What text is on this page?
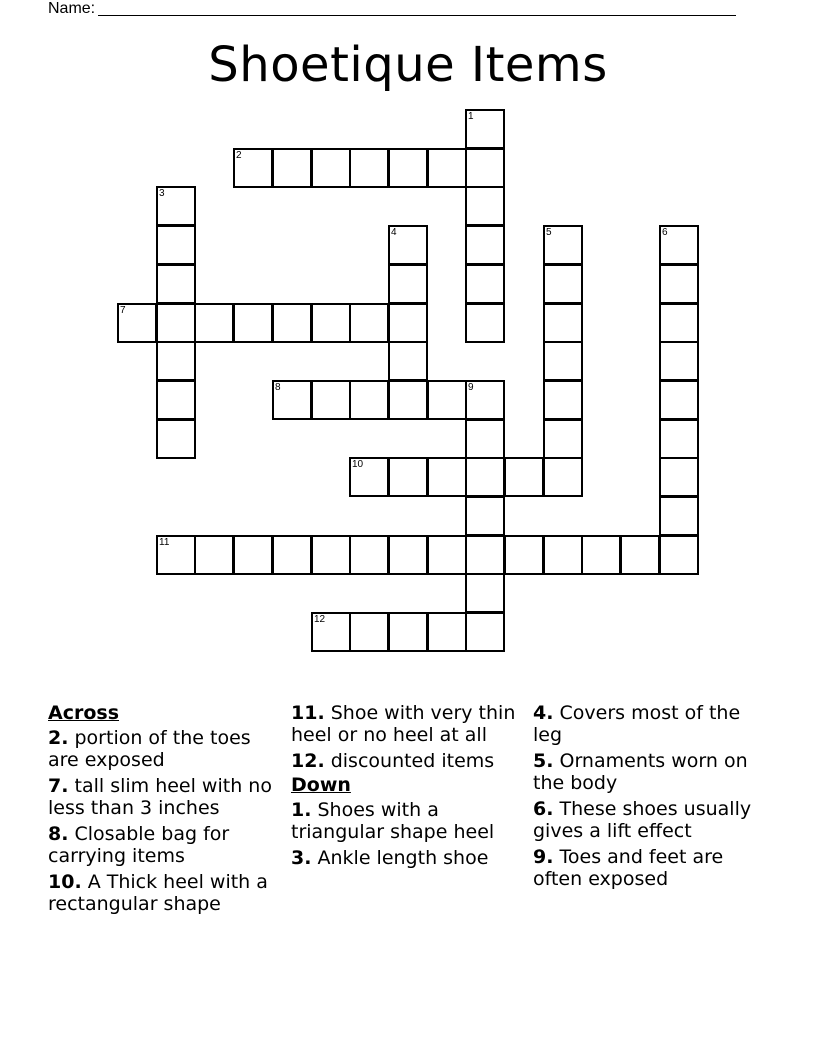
Name:
Shoetique Items
1
2
3
4	5	6
7
8	9
10
11
12
Across
2. portion of the toes are exposed
7. tall slim heel with no less than 3 inches
8. Closable bag for carrying items
10. A Thick heel with a rectangular shape
11. Shoe with very thin heel or no heel at all
12. discounted items
Down
1. Shoes with a triangular shape heel
3. Ankle length shoe
4. Covers most of the leg
5. Ornaments worn on the body
6. These shoes usually gives a lift effect
9. Toes and feet are often exposed
